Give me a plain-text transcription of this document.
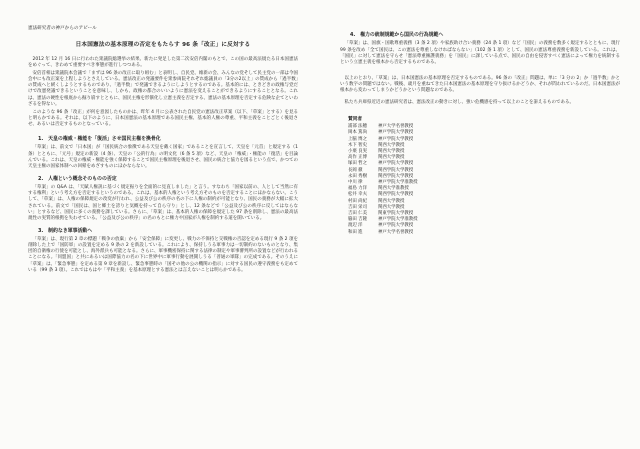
憲法研究者の神戸からのアピール
日本国憲法の基本原理の否定をもたらす 96 条「改正」に反対する

2012 年 12 月 16 日に行われた衆議院総選挙の結果、新たに発足した第二次安倍内閣のもとで、この国の最高法規たる日本国憲法をめぐって、きわめて重要すべき事態が進行しつつある。

安倍首相は衆議院本会議で「まずは 96 条の改正に取り組む」と表明し、自民党、維新の会、みんなの党そして民主党の一部は今国会中にも改正案を上程しようとさえしている。憲法改正の発議要件を衆参両院それぞれ総議員の「3分の2以上」の賛成から「過半数」の賛成へと緩くしようとするものであり、「過半数」で発議できるようにしようとするのである。基本的には、ときどきの政権与党だけで改憲発議できるということを意味し、しかも、政権の都合のいいように憲法を変えることができるようにすることとなる。これは、憲法の硬性を根底から掘り崩すとともに、国民主権を形骸化し立憲主義を否定する、憲法の基本原理を否定する危険な企てといわざるを得ない。

このような 96 条「改正」が何を意図したものかは、昨年 4 月に公表された自民党の憲法改正草案（以下、「草案」とする）を見ると明らかである。それは、以下のように、日本国憲法の基本原理である国民主権、基本的人権の尊重、平和主義をことごとく後退させ、あるいは否定するものとなっている。

1.　天皇の権威・権能を「復活」させ国民主権を換骨化

「草案」は、前文で「日本国」が「国民統合の象徴である天皇を戴く国家」であることを宣言して、天皇を「元首」と規定する（1 条）とともに、「元号」規定の新設（4 条）、天皇の「公的行為」の明文化（6 条 5 項）など、天皇の「権威」・権能の「復活」を目論んでいる。これは、天皇の権威・権能を強く保障することで国民主権原理を後退させ、国民の統合と協力を図るという点で、かつての天皇主権の国家体制への回帰をめざすものにほかならない。

2.　人権という概念そのものの否定

「草案」の Q&A は、「天賦人権説に基づく規定振りを全面的に見直しました」と言う。すなわち「国家以前の、人として当然に有する権利」という考え方を否定するというのである。これは、基本的人権という考え方そのものを否定することにほかならない。こうして、「草案」は、人権の保障規定の改変が行われ、公益及び公の秩序の名の下に人権の制約が可能となり、国民の義務が大幅に拡大されている。前文で「国民は、国と郷土を誇りと気概を持って自ら守り」とし、12 条などで「公益及び公の秩序に反してはならない」とするなど、国民に多くの義務を課している。さらに、「草案」は、基本的人権の保障を規定した 97 条を削除し、憲法の最高法規性の実質的根拠を失わせている。「公益及び公の秩序」の名のもとに権力や国家が人権を制約する道を開いている。

3.　制約なき軍事活動へ

「草案」は、現行第 2 章の標題「戦争の放棄」から「安全保障」に変更し、戦力の不保持と交戦権の否認を定める現行 9 条 2 項を削除した上で「国防軍」の設置を定める 9 条の 2 を新設している。これにより、保持しうる軍事力は一切制約のないものとなり、集団的自衛権の行使を可能とし、海外派兵も可能となる。さらに、軍事機密保持に関する法律の制定や軍事審判所の設置などが行われることになる。「同盟国」と共にあるいは国際協力の名の下に世界中に軍事行動を展開しうる「普通の軍隊」の完成である。そのうえに「草案」は、「緊急事態」を定める第 9 章を新設し、緊急事態時の「国その他の公の機関の指示」に対する国民の遵守義務をも定めている（99 条 3 項）。これではもはや「平和主義」を基本原理とする憲法とは言えないことは明らかである。

4.　権力の統制規範から国民の行為規範へ

「草案」は、国旗・国歌尊重義務（3 条 2 項）や家族助け合い義務（24 条 1 項）など「国民」の義務を数多く規定するとともに、現行 99 条を改め「全て国民は、この憲法を尊重しなければならない」（102 条 1 項）として、国民の憲法尊重義務を新設している。これは、「国民」に対して憲法を守らせ「憲法尊重擁護義務」を「国民」に課している点で、国民の自由を侵害すべく憲法によって権力を統制するという立憲主義を根本から否定するものである。

以上のとおり、「草案」は、日本国憲法の基本原理を否定するものである。96 条の「改正」問題は、単に「3 分の 2」か「過半数」かという数字の問題ではない。戦後、歳月を重ねてきた日本国憲法の基本原理を守り抜けるかどうか、それが問われているのだ。日本国憲法が根本から変わってしまうかどうかという問題なのである。

私たち兵庫県近辺の憲法研究者は、憲法改正の動きに対し、強い危機感を持って以上のことを訴えるものである。

賛同者
浦部 法穂	神戸大学名誉教授
岡本 篤尚	神戸学院大学教授
上脇 博之	神戸学院大学教授
木下 智史	関西大学教授
小栗 良実	関西大学教授
高作 正博	関西大学教授
塚田 哲之	神戸学院大学教授
長岡 徹	関西学院大学教授
永田 秀樹	関西学院大学教授
中川 律	神戸学院大学准教授
福島 力洋	関西大学准教授
松井 幸夫	関西学院大学教授
村田 尚紀	関西大学教授
吉田 栄司	関西大学教授
吉田 仁美	関東学院大学教授
脇田 吉隆	神戸学院大学准教授
渡辺 洋	神戸学院大学教授
和田 進	神戸大学名誉教授
